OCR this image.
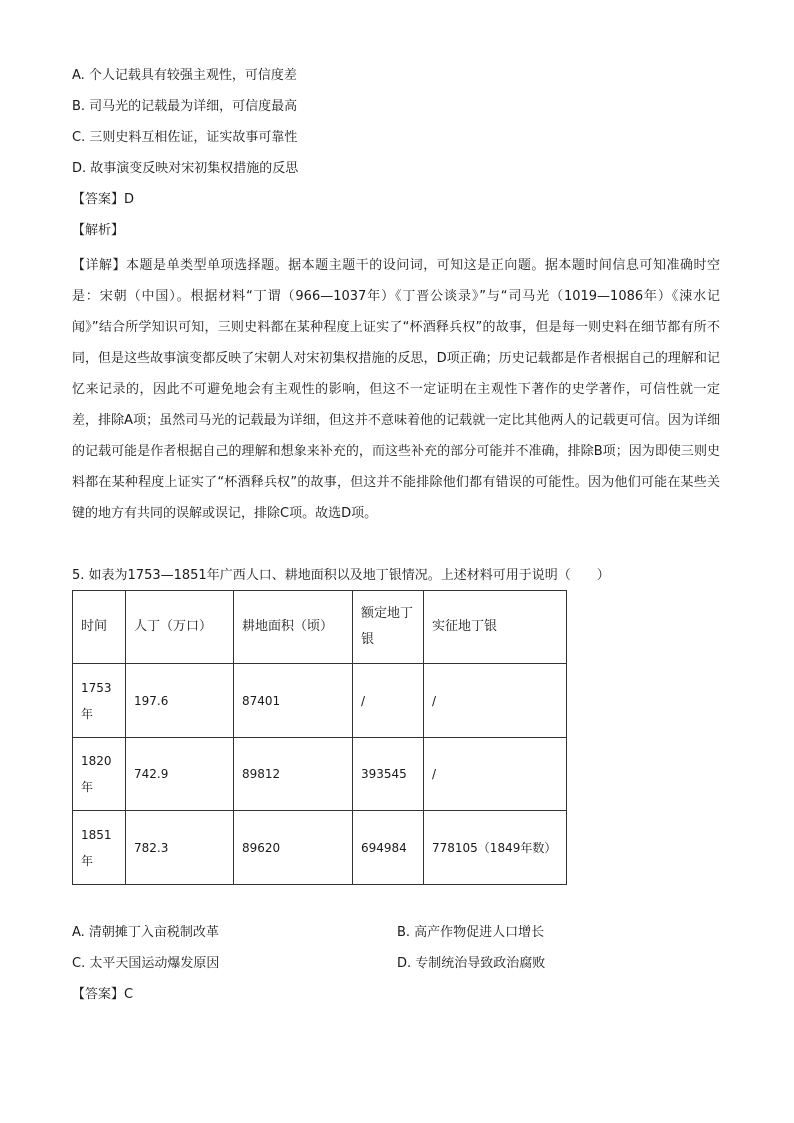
A. 个人记载具有较强主观性，可信度差
B. 司马光的记载最为详细，可信度最高
C. 三则史料互相佐证，证实故事可靠性
D. 故事演变反映对宋初集权措施的反思
【答案】D
【解析】
【详解】本题是单类型单项选择题。据本题主题干的设问词，可知这是正向题。据本题时间信息可知准确时空是：宋朝（中国）。根据材料“丁谓（966—1037年）《丁晋公谈录》”与“司马光（1019—1086年）《涑水记闻》”结合所学知识可知，三则史料都在某种程度上证实了“杯酒释兵权”的故事，但是每一则史料在细节都有所不同，但是这些故事演变都反映了宋朝人对宋初集权措施的反思，D项正确；历史记载都是作者根据自己的理解和记忆来记录的，因此不可避免地会有主观性的影响，但这不一定证明在主观性下著作的史学著作，可信性就一定差，排除A项；虽然司马光的记载最为详细，但这并不意味着他的记载就一定比其他两人的记载更可信。因为详细的记载可能是作者根据自己的理解和想象来补充的，而这些补充的部分可能并不准确，排除B项；因为即使三则史料都在某种程度上证实了“杯酒释兵权”的故事，但这并不能排除他们都有错误的可能性。因为他们可能在某些关键的地方有共同的误解或误记，排除C项。故选D项。
5. 如表为1753—1851年广西人口、耕地面积以及地丁银情况。上述材料可用于说明（　　）
时间	人丁（万口）	耕地面积（顷）	额定地丁银	实征地丁银
1753年	197.6	87401	/	/
1820年	742.9	89812	393545	/
1851年	782.3	89620	694984	778105（1849年数）
A. 清朝摊丁入亩税制改革	B. 高产作物促进人口增长
C. 太平天国运动爆发原因	D. 专制统治导致政治腐败
【答案】C
